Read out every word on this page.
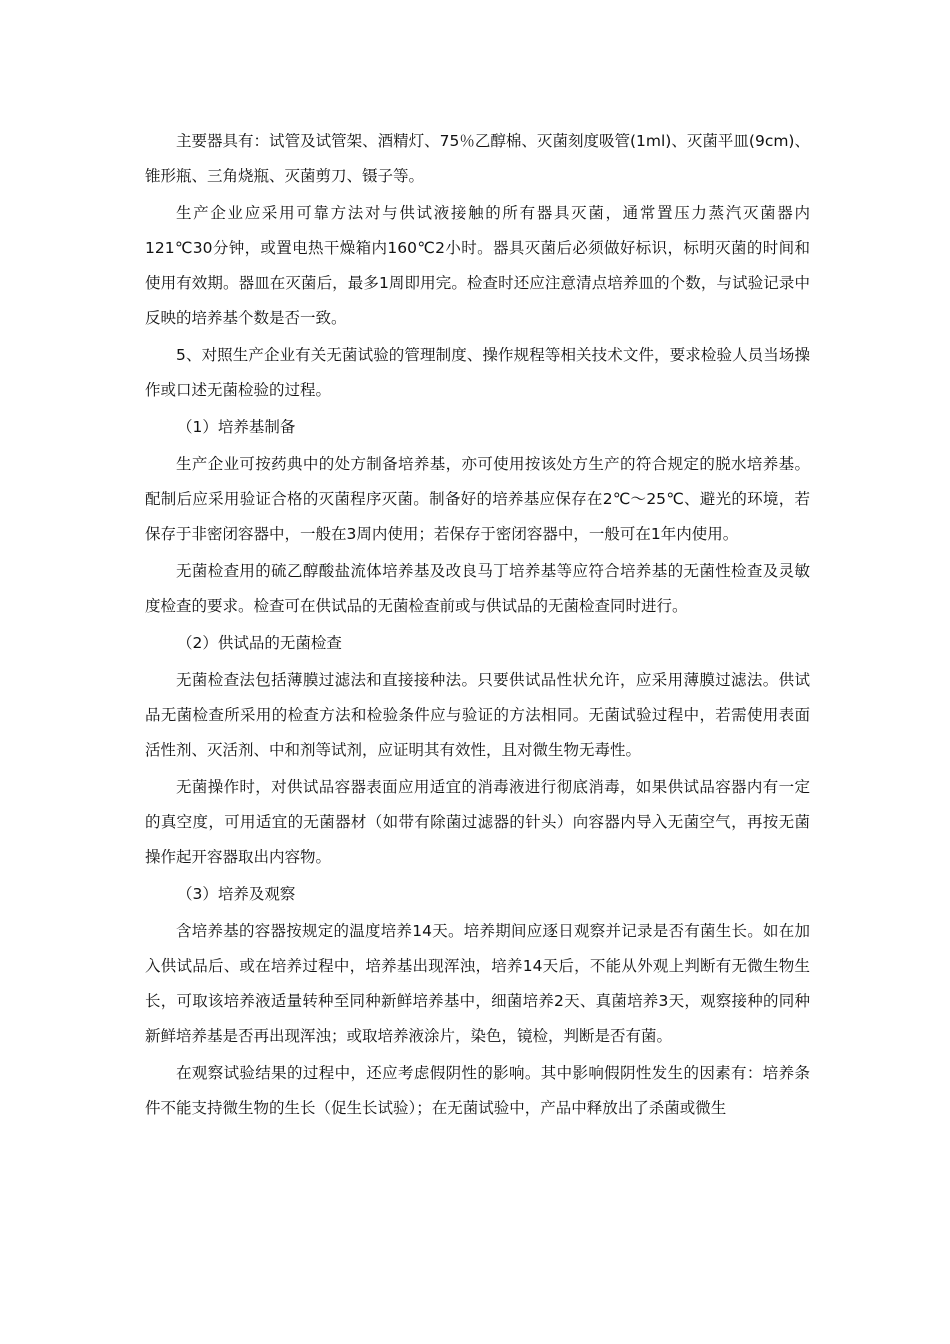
主要器具有：试管及试管架、酒精灯、75％乙醇棉、灭菌刻度吸管(1ml)、灭菌平皿(9cm)、锥形瓶、三角烧瓶、灭菌剪刀、镊子等。

生产企业应采用可靠方法对与供试液接触的所有器具灭菌，通常置压力蒸汽灭菌器内121℃30分钟，或置电热干燥箱内160℃2小时。器具灭菌后必须做好标识，标明灭菌的时间和使用有效期。器皿在灭菌后，最多1周即用完。检查时还应注意清点培养皿的个数，与试验记录中反映的培养基个数是否一致。

5、对照生产企业有关无菌试验的管理制度、操作规程等相关技术文件，要求检验人员当场操作或口述无菌检验的过程。

（1）培养基制备

生产企业可按药典中的处方制备培养基，亦可使用按该处方生产的符合规定的脱水培养基。配制后应采用验证合格的灭菌程序灭菌。制备好的培养基应保存在2℃～25℃、避光的环境，若保存于非密闭容器中，一般在3周内使用；若保存于密闭容器中，一般可在1年内使用。

无菌检查用的硫乙醇酸盐流体培养基及改良马丁培养基等应符合培养基的无菌性检查及灵敏度检查的要求。检查可在供试品的无菌检查前或与供试品的无菌检查同时进行。

（2）供试品的无菌检查

无菌检查法包括薄膜过滤法和直接接种法。只要供试品性状允许，应采用薄膜过滤法。供试品无菌检查所采用的检查方法和检验条件应与验证的方法相同。无菌试验过程中，若需使用表面活性剂、灭活剂、中和剂等试剂，应证明其有效性，且对微生物无毒性。

无菌操作时，对供试品容器表面应用适宜的消毒液进行彻底消毒，如果供试品容器内有一定的真空度，可用适宜的无菌器材（如带有除菌过滤器的针头）向容器内导入无菌空气，再按无菌操作起开容器取出内容物。

（3）培养及观察

含培养基的容器按规定的温度培养14天。培养期间应逐日观察并记录是否有菌生长。如在加入供试品后、或在培养过程中，培养基出现浑浊，培养14天后，不能从外观上判断有无微生物生长，可取该培养液适量转种至同种新鲜培养基中，细菌培养2天、真菌培养3天，观察接种的同种新鲜培养基是否再出现浑浊；或取培养液涂片，染色，镜检，判断是否有菌。

在观察试验结果的过程中，还应考虑假阴性的影响。其中影响假阴性发生的因素有：培养条件不能支持微生物的生长（促生长试验）；在无菌试验中，产品中释放出了杀菌或微生
